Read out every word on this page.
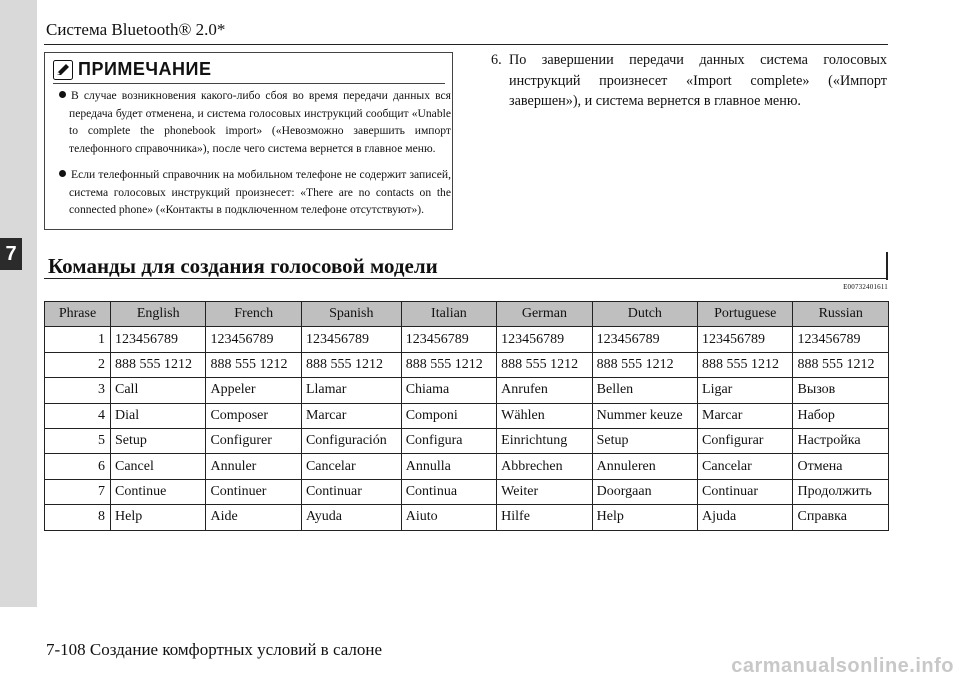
7
Система Bluetooth® 2.0*
ПРИМЕЧАНИЕ
В случае возникновения какого-либо сбоя во время передачи данных вся передача будет отменена, и система голосовых инструкций сообщит «Unable to complete the phonebook import» («Невозможно завершить импорт телефонного справочника»), после чего система вернется в главное меню.
Если телефонный справочник на мобильном телефоне не содержит записей, система голосовых инструкций произнесет: «There are no contacts on the connected phone» («Контакты в подключенном телефоне отсутствуют»).
6. По завершении передачи данных система голосовых инструкций произнесет «Import complete» («Импорт завершен»), и система вернется в главное меню.
Команды для создания голосовой модели
E00732401611
Phrase	English	French	Spanish	Italian	German	Dutch	Portuguese	Russian
1	123456789	123456789	123456789	123456789	123456789	123456789	123456789	123456789
2	888 555 1212	888 555 1212	888 555 1212	888 555 1212	888 555 1212	888 555 1212	888 555 1212	888 555 1212
3	Call	Appeler	Llamar	Chiama	Anrufen	Bellen	Ligar	Вызов
4	Dial	Composer	Marcar	Componi	Wählen	Nummer keuze	Marcar	Набор
5	Setup	Configurer	Configuración	Configura	Einrichtung	Setup	Configurar	Настройка
6	Cancel	Annuler	Cancelar	Annulla	Abbrechen	Annuleren	Cancelar	Отмена
7	Continue	Continuer	Continuar	Continua	Weiter	Doorgaan	Continuar	Продолжить
8	Help	Aide	Ayuda	Aiuto	Hilfe	Help	Ajuda	Справка
7-108 Создание комфортных условий в салоне
carmanualsonline.info
